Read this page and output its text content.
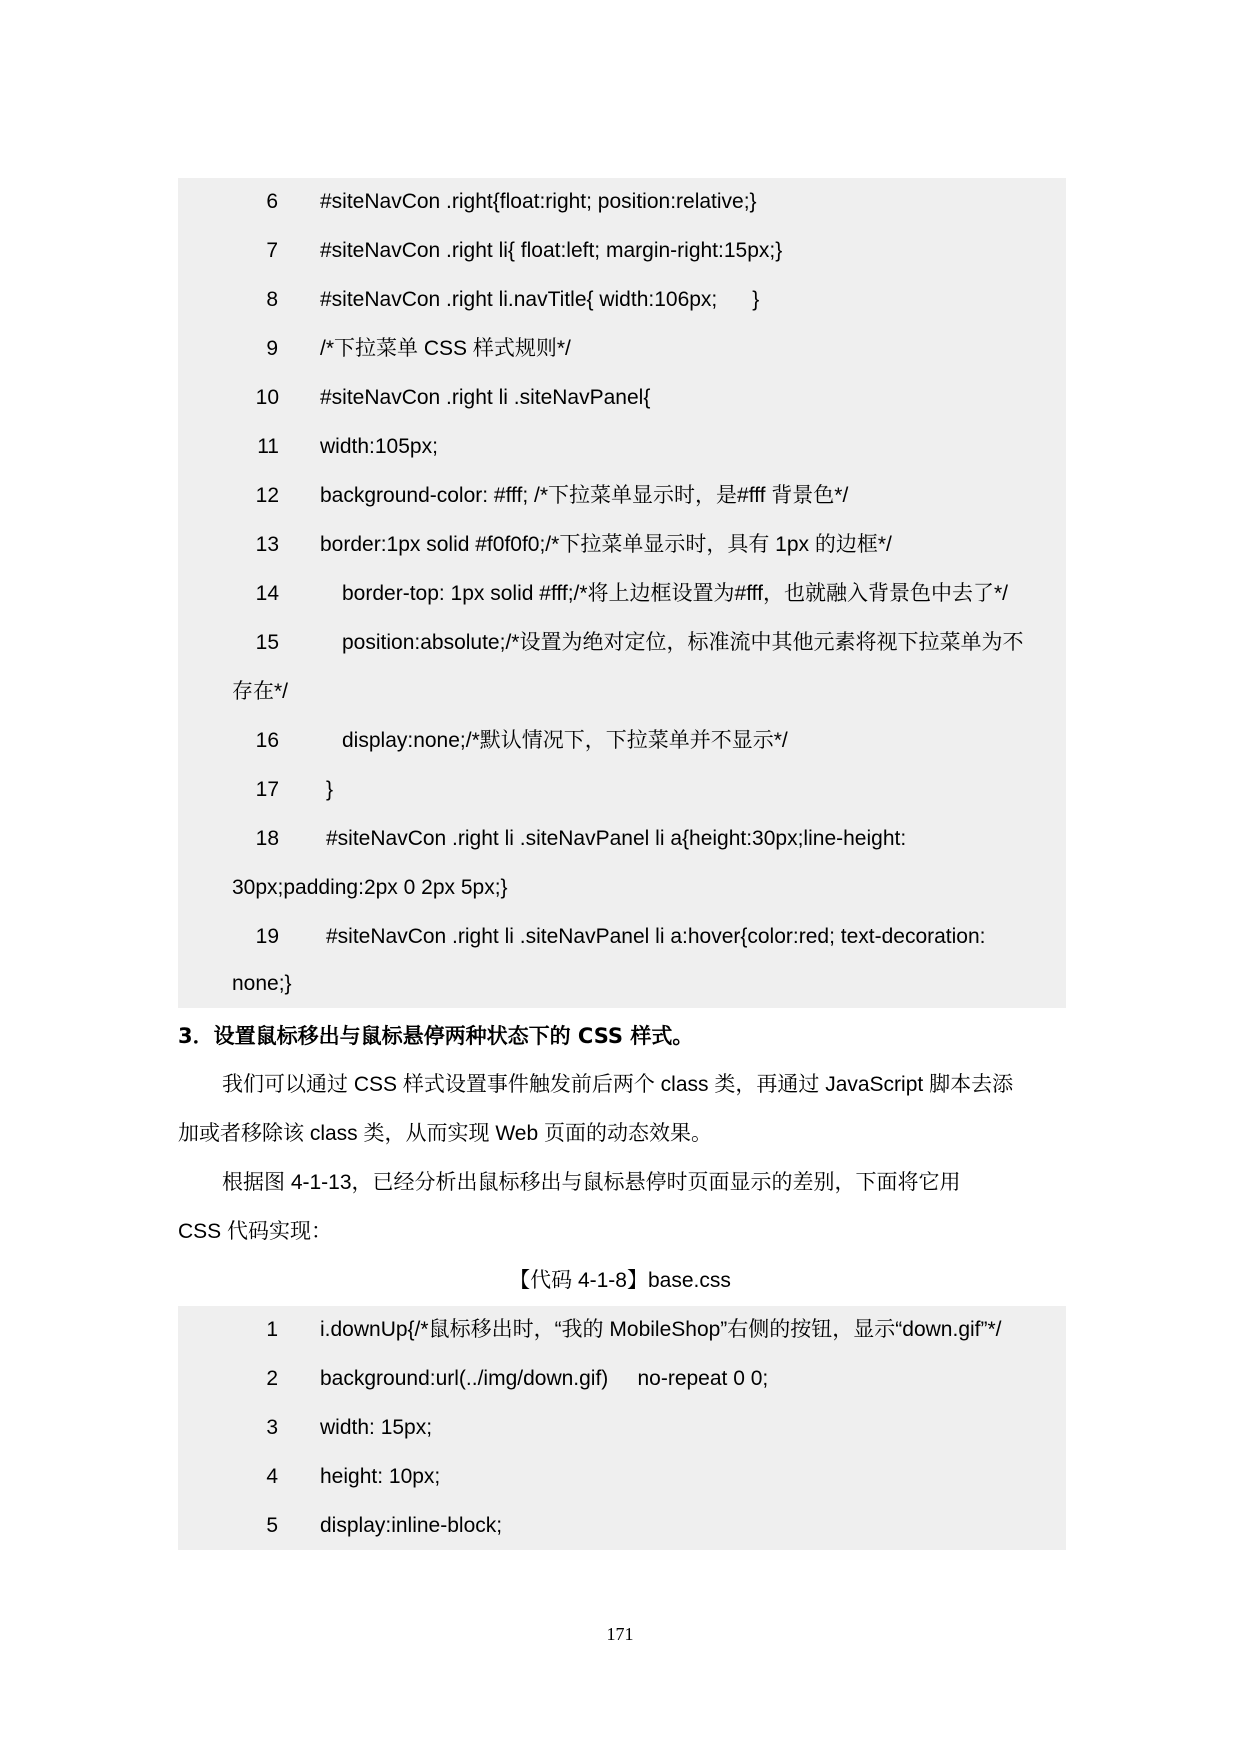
6 #siteNavCon .right{float:right; position:relative;}
7 #siteNavCon .right li{ float:left; margin-right:15px;}
8 #siteNavCon .right li.navTitle{ width:106px;      }
9 /*下拉菜单 CSS 样式规则*/
10 #siteNavCon .right li .siteNavPanel{
11 width:105px;
12 background-color: #fff; /*下拉菜单显示时，是#fff 背景色*/
13 border:1px solid #f0f0f0;/*下拉菜单显示时，具有 1px 的边框*/
14	border-top: 1px solid #fff;/*将上边框设置为#fff，也就融入背景色中去了*/
15	position:absolute;/*设置为绝对定位，标准流中其他元素将视下拉菜单为不
存在*/
16	display:none;/*默认情况下，下拉菜单并不显示*/
17 }
18 #siteNavCon .right li .siteNavPanel li a{height:30px;line-height:
30px;padding:2px 0 2px 5px;}
19 #siteNavCon .right li .siteNavPanel li a:hover{color:red; text-decoration:
none;}
3．设置鼠标移出与鼠标悬停两种状态下的 CSS 样式。
我们可以通过 CSS 样式设置事件触发前后两个 class 类，再通过 JavaScript 脚本去添
加或者移除该 class 类，从而实现 Web 页面的动态效果。
根据图 4-1-13，已经分析出鼠标移出与鼠标悬停时页面显示的差别，下面将它用
CSS 代码实现：
【代码 4-1-8】base.css
1 i.downUp{/*鼠标移出时，“我的 MobileShop”右侧的按钮，显示“down.gif”*/
2 background:url(../img/down.gif)     no-repeat 0 0;
3 width: 15px;
4 height: 10px;
5 display:inline-block;
171
